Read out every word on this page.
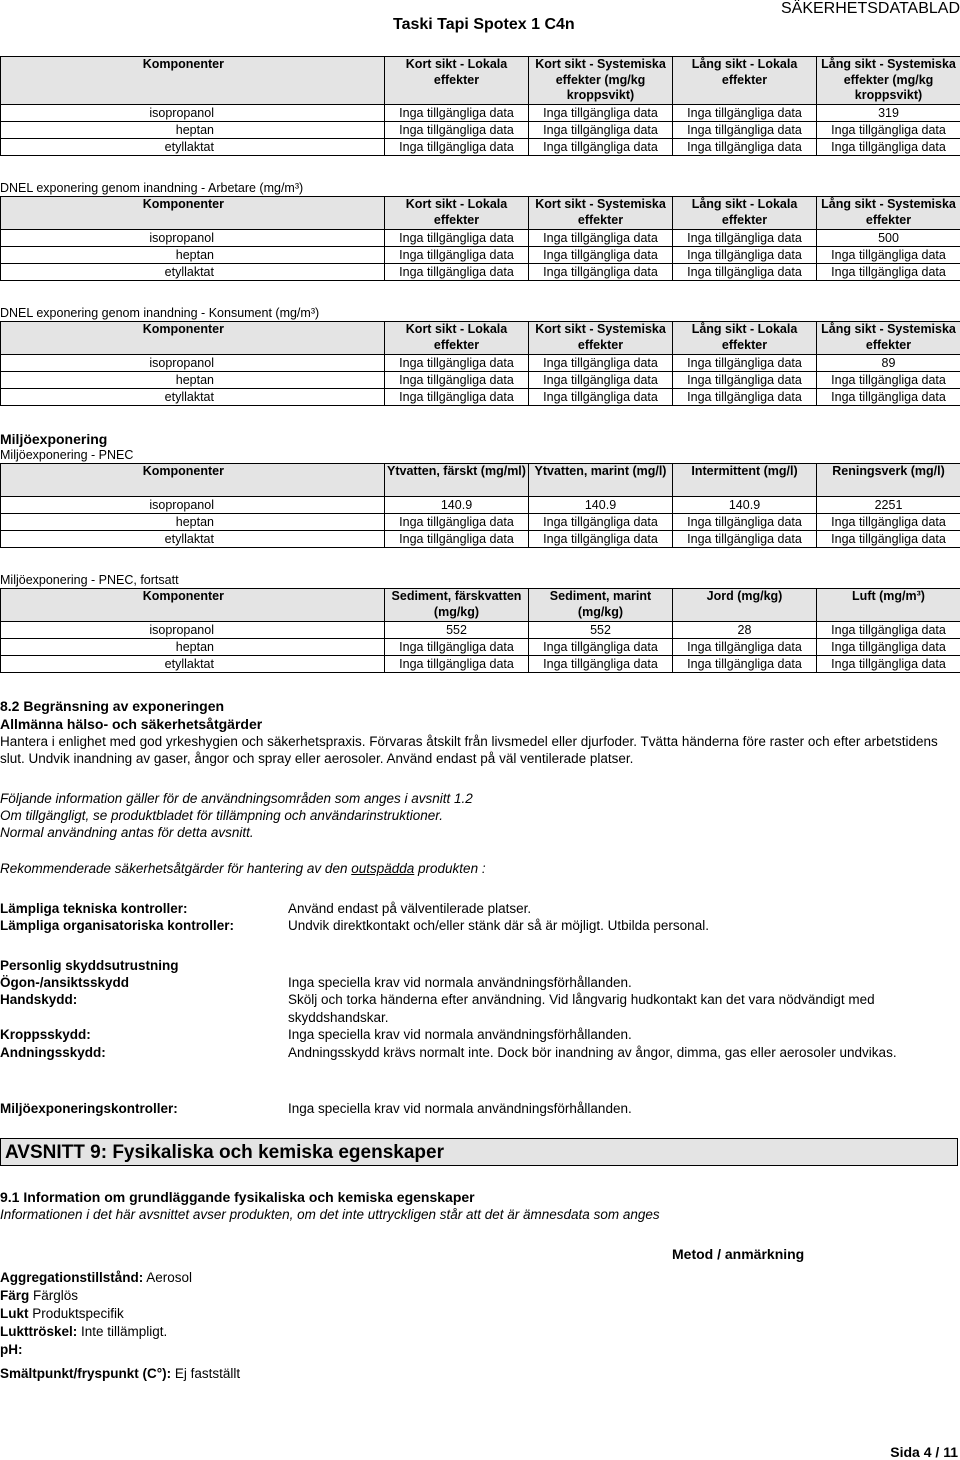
Taski Tapi Spotex 1 C4n
SÄKERHETSDATABLAD
Komponenter	Kort sikt - Lokala effekter	Kort sikt - Systemiska effekter (mg/kg kroppsvikt)	Lång sikt - Lokala effekter	Lång sikt - Systemiska effekter (mg/kg kroppsvikt)
isopropanol	Inga tillgängliga data	Inga tillgängliga data	Inga tillgängliga data	319
heptan	Inga tillgängliga data	Inga tillgängliga data	Inga tillgängliga data	Inga tillgängliga data
etyllaktat	Inga tillgängliga data	Inga tillgängliga data	Inga tillgängliga data	Inga tillgängliga data
DNEL exponering genom inandning - Arbetare (mg/m³)
Komponenter	Kort sikt - Lokala effekter	Kort sikt - Systemiska effekter	Lång sikt - Lokala effekter	Lång sikt - Systemiska effekter
isopropanol	Inga tillgängliga data	Inga tillgängliga data	Inga tillgängliga data	500
heptan	Inga tillgängliga data	Inga tillgängliga data	Inga tillgängliga data	Inga tillgängliga data
etyllaktat	Inga tillgängliga data	Inga tillgängliga data	Inga tillgängliga data	Inga tillgängliga data
DNEL exponering genom inandning - Konsument (mg/m³)
Komponenter	Kort sikt - Lokala effekter	Kort sikt - Systemiska effekter	Lång sikt - Lokala effekter	Lång sikt - Systemiska effekter
isopropanol	Inga tillgängliga data	Inga tillgängliga data	Inga tillgängliga data	89
heptan	Inga tillgängliga data	Inga tillgängliga data	Inga tillgängliga data	Inga tillgängliga data
etyllaktat	Inga tillgängliga data	Inga tillgängliga data	Inga tillgängliga data	Inga tillgängliga data
Miljöexponering
Miljöexponering - PNEC
Komponenter	Ytvatten, färskt (mg/ml)	Ytvatten, marint (mg/l)	Intermittent (mg/l)	Reningsverk (mg/l)
isopropanol	140.9	140.9	140.9	2251
heptan	Inga tillgängliga data	Inga tillgängliga data	Inga tillgängliga data	Inga tillgängliga data
etyllaktat	Inga tillgängliga data	Inga tillgängliga data	Inga tillgängliga data	Inga tillgängliga data
Miljöexponering - PNEC, fortsatt
Komponenter	Sediment, färskvatten (mg/kg)	Sediment, marint (mg/kg)	Jord (mg/kg)	Luft (mg/m³)
isopropanol	552	552	28	Inga tillgängliga data
heptan	Inga tillgängliga data	Inga tillgängliga data	Inga tillgängliga data	Inga tillgängliga data
etyllaktat	Inga tillgängliga data	Inga tillgängliga data	Inga tillgängliga data	Inga tillgängliga data
8.2 Begränsning av exponeringen
Allmänna hälso- och säkerhetsåtgärder
Hantera i enlighet med god yrkeshygien och säkerhetspraxis. Förvaras åtskilt från livsmedel eller djurfoder. Tvätta händerna före raster och efter arbetstidens slut. Undvik inandning av gaser, ångor och spray eller aerosoler. Använd endast på väl ventilerade platser.
Följande information gäller för de användningsområden som anges i avsnitt 1.2
Om tillgängligt, se produktbladet för tillämpning och användarinstruktioner.
Normal användning antas för detta avsnitt.
Rekommenderade säkerhetsåtgärder för hantering av den outspädda produkten :
Lämpliga tekniska kontroller:	Använd endast på välventilerade platser.
Lämpliga organisatoriska kontroller:	Undvik direktkontakt och/eller stänk där så är möjligt. Utbilda personal.
Personlig skyddsutrustning
Ögon-/ansiktsskydd	Inga speciella krav vid normala användningsförhållanden.
Handskydd:	Skölj och torka händerna efter användning. Vid långvarig hudkontakt kan det vara nödvändigt med skyddshandskar.
Kroppsskydd:	Inga speciella krav vid normala användningsförhållanden.
Andningsskydd:	Andningsskydd krävs normalt inte. Dock bör inandning av ångor, dimma, gas eller aerosoler undvikas.
Miljöexponeringskontroller:	Inga speciella krav vid normala användningsförhållanden.
AVSNITT 9: Fysikaliska och kemiska egenskaper
9.1 Information om grundläggande fysikaliska och kemiska egenskaper
Informationen i det här avsnittet avser produkten, om det inte uttryckligen står att det är ämnesdata som anges
Metod / anmärkning
Aggregationstillstånd: Aerosol
Färg Färglös
Lukt Produktspecifik
Lukttröskel: Inte tillämpligt.
pH:
Smältpunkt/fryspunkt (C°): Ej fastställt
Sida 4 / 11
